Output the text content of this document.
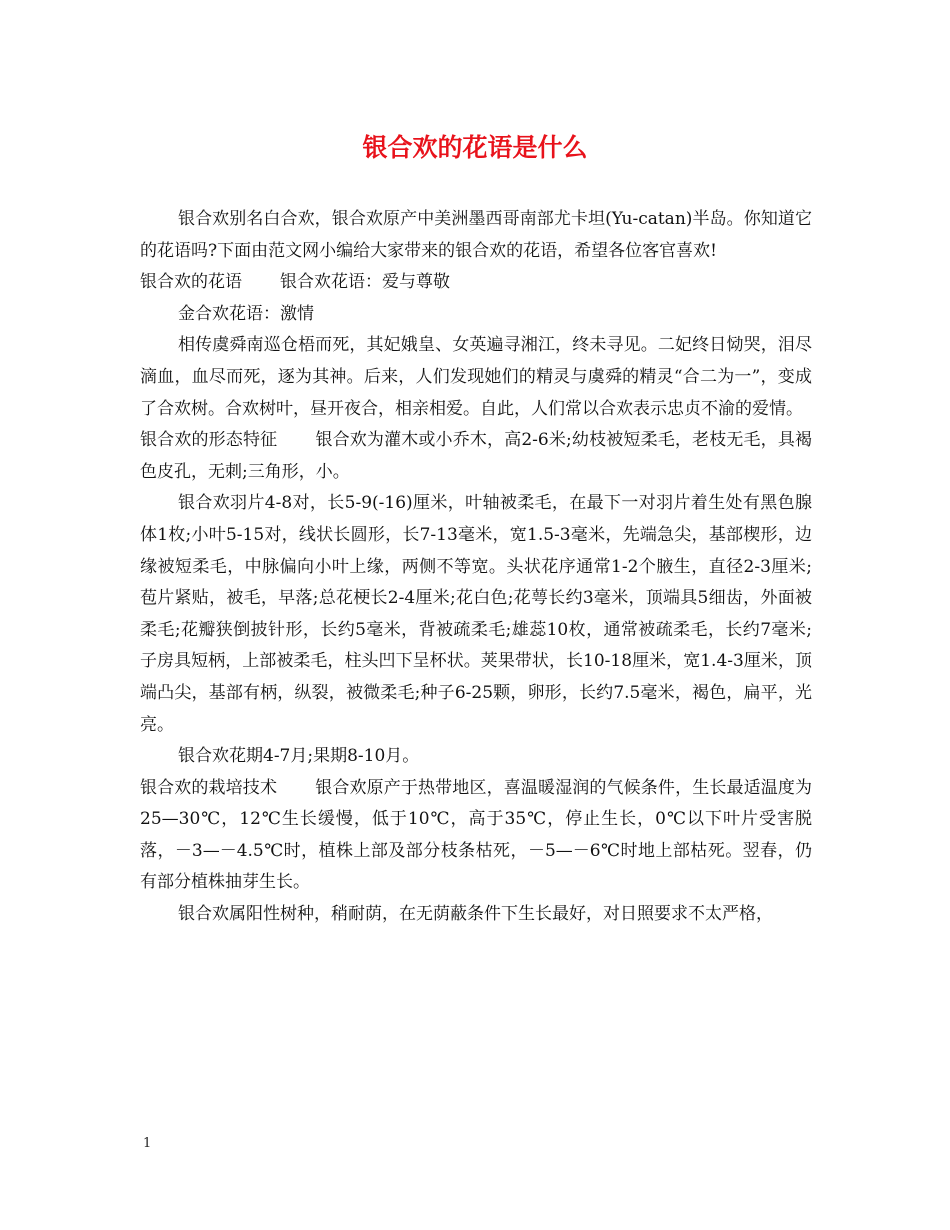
银合欢的花语是什么

银合欢别名白合欢，银合欢原产中美洲墨西哥南部尤卡坦(Yu-catan)半岛。你知道它的花语吗?下面由范文网小编给大家带来的银合欢的花语，希望各位客官喜欢!

银合欢的花语 银合欢花语：爱与尊敬

金合欢花语：激情

相传虞舜南巡仓梧而死，其妃娥皇、女英遍寻湘江，终未寻见。二妃终日恸哭，泪尽滴血，血尽而死，逐为其神。后来，人们发现她们的精灵与虞舜的精灵“合二为一”，变成了合欢树。合欢树叶，昼开夜合，相亲相爱。自此，人们常以合欢表示忠贞不渝的爱情。

银合欢的形态特征 银合欢为灌木或小乔木，高2-6米;幼枝被短柔毛，老枝无毛，具褐色皮孔，无刺;三角形，小。

银合欢羽片4-8对，长5-9(-16)厘米，叶轴被柔毛，在最下一对羽片着生处有黑色腺体1枚;小叶5-15对，线状长圆形，长7-13毫米，宽1.5-3毫米，先端急尖，基部楔形，边缘被短柔毛，中脉偏向小叶上缘，两侧不等宽。头状花序通常1-2个腋生，直径2-3厘米;苞片紧贴，被毛，早落;总花梗长2-4厘米;花白色;花萼长约3毫米，顶端具5细齿，外面被柔毛;花瓣狭倒披针形，长约5毫米，背被疏柔毛;雄蕊10枚，通常被疏柔毛，长约7毫米;子房具短柄，上部被柔毛，柱头凹下呈杯状。荚果带状，长10-18厘米，宽1.4-3厘米，顶端凸尖，基部有柄，纵裂，被微柔毛;种子6-25颗，卵形，长约7.5毫米，褐色，扁平，光亮。

银合欢花期4-7月;果期8-10月。

银合欢的栽培技术 银合欢原产于热带地区，喜温暖湿润的气候条件，生长最适温度为25—30℃，12℃生长缓慢，低于10℃，高于35℃，停止生长，0℃以下叶片受害脱落，－3—－4.5℃时，植株上部及部分枝条枯死，－5—－6℃时地上部枯死。翌春，仍有部分植株抽芽生长。

银合欢属阳性树种，稍耐荫，在无荫蔽条件下生长最好，对日照要求不太严格，

1
